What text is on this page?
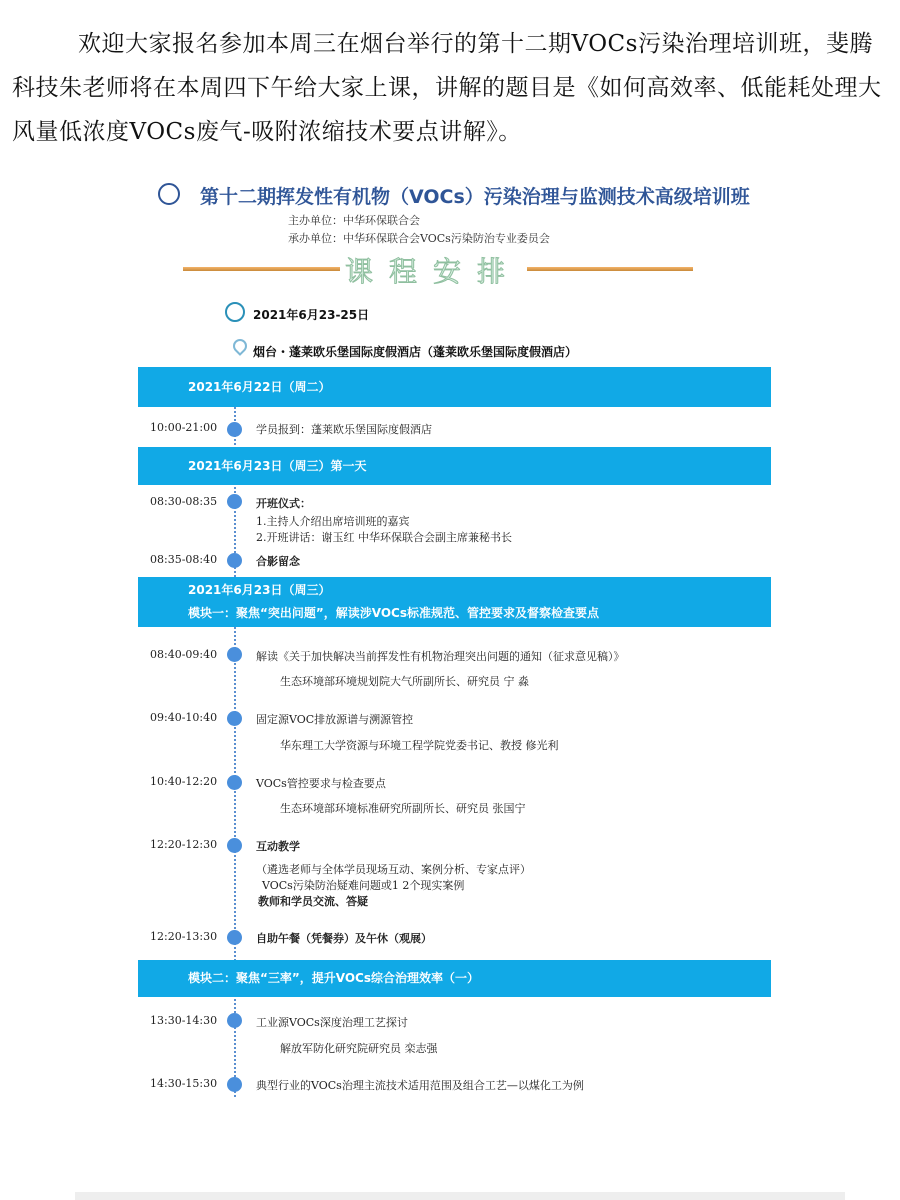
欢迎大家报名参加本周三在烟台举行的第十二期VOCs污染治理培训班，斐腾科技朱老师将在本周四下午给大家上课，讲解的题目是《如何高效率、低能耗处理大风量低浓度VOCs废气-吸附浓缩技术要点讲解》。

第十二期挥发性有机物（VOCs）污染治理与监测技术高级培训班
主办单位：中华环保联合会
承办单位：中华环保联合会VOCs污染防治专业委员会
课程安排
2021年6月23-25日
烟台・蓬莱欧乐堡国际度假酒店（蓬莱欧乐堡国际度假酒店）
2021年6月22日（周二）
10:00-21:00	学员报到：蓬莱欧乐堡国际度假酒店
2021年6月23日（周三）第一天
08:30-08:35	开班仪式：
1.主持人介绍出席培训班的嘉宾
2.开班讲话：谢玉红 中华环保联合会副主席兼秘书长
08:35-08:40	合影留念
2021年6月23日（周三）
模块一：聚焦“突出问题”，解读涉VOCs标准规范、管控要求及督察检查要点
08:40-09:40	解读《关于加快解决当前挥发性有机物治理突出问题的通知（征求意见稿）》
生态环境部环境规划院大气所副所长、研究员 宁 淼
09:40-10:40	固定源VOC排放源谱与溯源管控
华东理工大学资源与环境工程学院党委书记、教授 修光利
10:40-12:20	VOCs管控要求与检查要点
生态环境部环境标准研究所副所长、研究员 张国宁
12:20-12:30	互动教学
（遴选老师与全体学员现场互动、案例分析、专家点评）
VOCs污染防治疑难问题或1 2个现实案例
教师和学员交流、答疑
12:20-13:30	自助午餐（凭餐券）及午休（观展）
模块二：聚焦“三率”，提升VOCs综合治理效率（一）
13:30-14:30	工业源VOCs深度治理工艺探讨
解放军防化研究院研究员 栾志强
14:30-15:30	典型行业的VOCs治理主流技术适用范围及组合工艺—以煤化工为例
